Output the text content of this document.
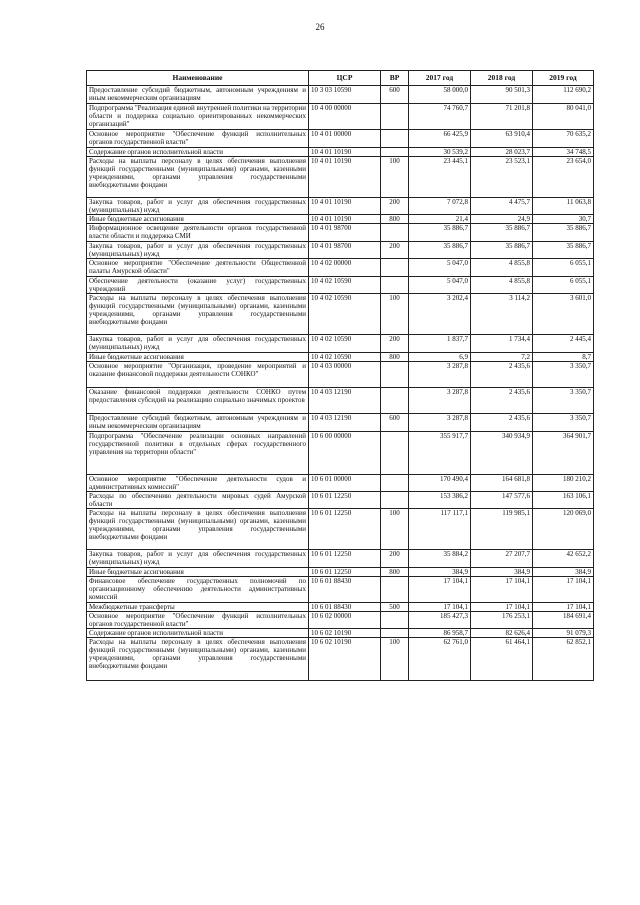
26
Наименование	ЦСР	ВР	2017 год	2018 год	2019 год
Предоставление субсидий бюджетным, автономным учреждениям и иным некоммерческим организациям	10 3 03 10590	600	58 000,0	90 501,3	112 690,2
Подпрограмма "Реализация единой внутренней политики на территории области и поддержка социально ориентированных некоммерческих организаций"	10 4 00 00000		74 760,7	71 201,8	80 041,0
Основное мероприятие "Обеспечение функций исполнительных органов государственной власти"	10 4 01 00000		66 425,9	63 910,4	70 635,2
Содержание органов исполнительной власти	10 4 01 10190		30 539,2	28 023,7	34 748,5
Расходы на выплаты персоналу в целях обеспечения выполнения функций государственными (муниципальными) органами, казенными учреждениями, органами управления государственными внебюджетными фондами	10 4 01 10190	100	23 445,1	23 523,1	23 654,0
Закупка товаров, работ и услуг для обеспечения государственных (муниципальных) нужд	10 4 01 10190	200	7 072,8	4 475,7	11 063,8
Иные бюджетные ассигнования	10 4 01 10190	800	21,4	24,9	30,7
Информационное освещение деятельности органов государственной власти области и поддержка СМИ	10 4 01 98700		35 886,7	35 886,7	35 886,7
Закупка товаров, работ и услуг для обеспечения государственных (муниципальных) нужд	10 4 01 98700	200	35 886,7	35 886,7	35 886,7
Основное мероприятие "Обеспечение деятельности Общественной палаты Амурской области"	10 4 02 00000		5 047,0	4 855,8	6 055,1
Обеспечение деятельности (оказание услуг) государственных учреждений	10 4 02 10590		5 047,0	4 855,8	6 055,1
Расходы на выплаты персоналу в целях обеспечения выполнения функций государственными (муниципальными) органами, казенными учреждениями, органами управления государственными внебюджетными фондами	10 4 02 10590	100	3 202,4	3 114,2	3 601,0
Закупка товаров, работ и услуг для обеспечения государственных (муниципальных) нужд	10 4 02 10590	200	1 837,7	1 734,4	2 445,4
Иные бюджетные ассигнования	10 4 02 10590	800	6,9	7,2	8,7
Основное мероприятие "Организация, проведение мероприятий и оказание финансовой поддержки деятельности СОНКО"	10 4 03 00000		3 287,8	2 435,6	3 350,7
Оказание финансовой поддержки деятельности СОНКО путем предоставления субсидий на реализацию социально значимых проектов	10 4 03 12190		3 287,8	2 435,6	3 350,7
Предоставление субсидий бюджетным, автономным учреждениям и иным некоммерческим организациям	10 4 03 12190	600	3 287,8	2 435,6	3 350,7
Подпрограмма "Обеспечение реализации основных направлений государственной политики в отдельных сферах государственного управления на территории области"	10 6 00 00000		355 917,7	340 934,9	364 901,7
Основное мероприятие "Обеспечение деятельности судов и административных комиссий"	10 6 01 00000		170 490,4	164 681,8	180 210,2
Расходы по обеспечению деятельности мировых судей Амурской области	10 6 01 12250		153 386,2	147 577,6	163 106,1
Расходы на выплаты персоналу в целях обеспечения выполнения функций государственными (муниципальными) органами, казенными учреждениями, органами управления государственными внебюджетными фондами	10 6 01 12250	100	117 117,1	119 985,1	120 069,0
Закупка товаров, работ и услуг для обеспечения государственных (муниципальных) нужд	10 6 01 12250	200	35 884,2	27 207,7	42 652,2
Иные бюджетные ассигнования	10 6 01 12250	800	384,9	384,9	384,9
Финансовое обеспечение государственных полномочий по организационному обеспечению деятельности административных комиссий	10 6 01 88430		17 104,1	17 104,1	17 104,1
Межбюджетные трансферты	10 6 01 88430	500	17 104,1	17 104,1	17 104,1
Основное мероприятие "Обеспечение функций исполнительных органов государственной власти"	10 6 02 00000		185 427,3	176 253,1	184 691,4
Содержание органов исполнительной власти	10 6 02 10190		86 958,7	82 626,4	91 079,3
Расходы на выплаты персоналу в целях обеспечения выполнения функций государственными (муниципальными) органами, казенными учреждениями, органами управления государственными внебюджетными фондами	10 6 02 10190	100	62 761,0	61 464,1	62 852,1
